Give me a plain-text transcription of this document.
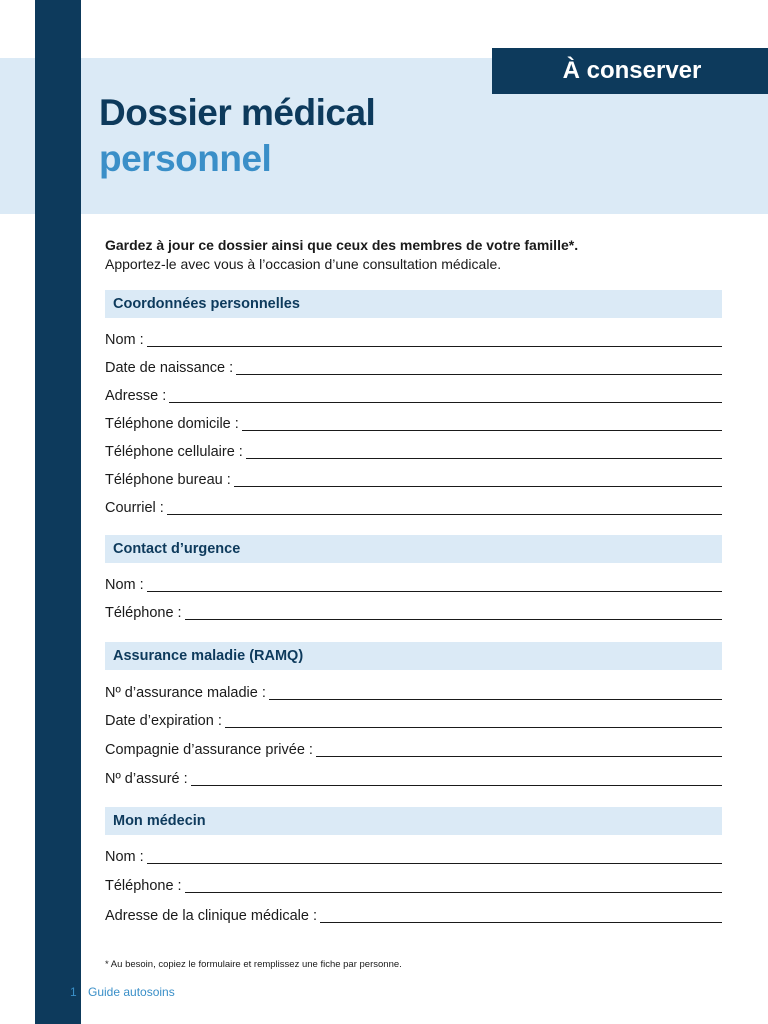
À conserver
Dossier médical
personnel
Gardez à jour ce dossier ainsi que ceux des membres de votre famille*.
Apportez-le avec vous à l’occasion d’une consultation médicale.
Coordonnées personnelles
Nom :
Date de naissance :
Adresse :
Téléphone domicile :
Téléphone cellulaire :
Téléphone bureau :
Courriel :
Contact d’urgence
Nom :
Téléphone :
Assurance maladie (RAMQ)
Nº d’assurance maladie :
Date d’expiration :
Compagnie d’assurance privée :
Nº d’assuré :
Mon médecin
Nom :
Téléphone :
Adresse de la clinique médicale :
* Au besoin, copiez le formulaire et remplissez une fiche par personne.
1 Guide autosoins
